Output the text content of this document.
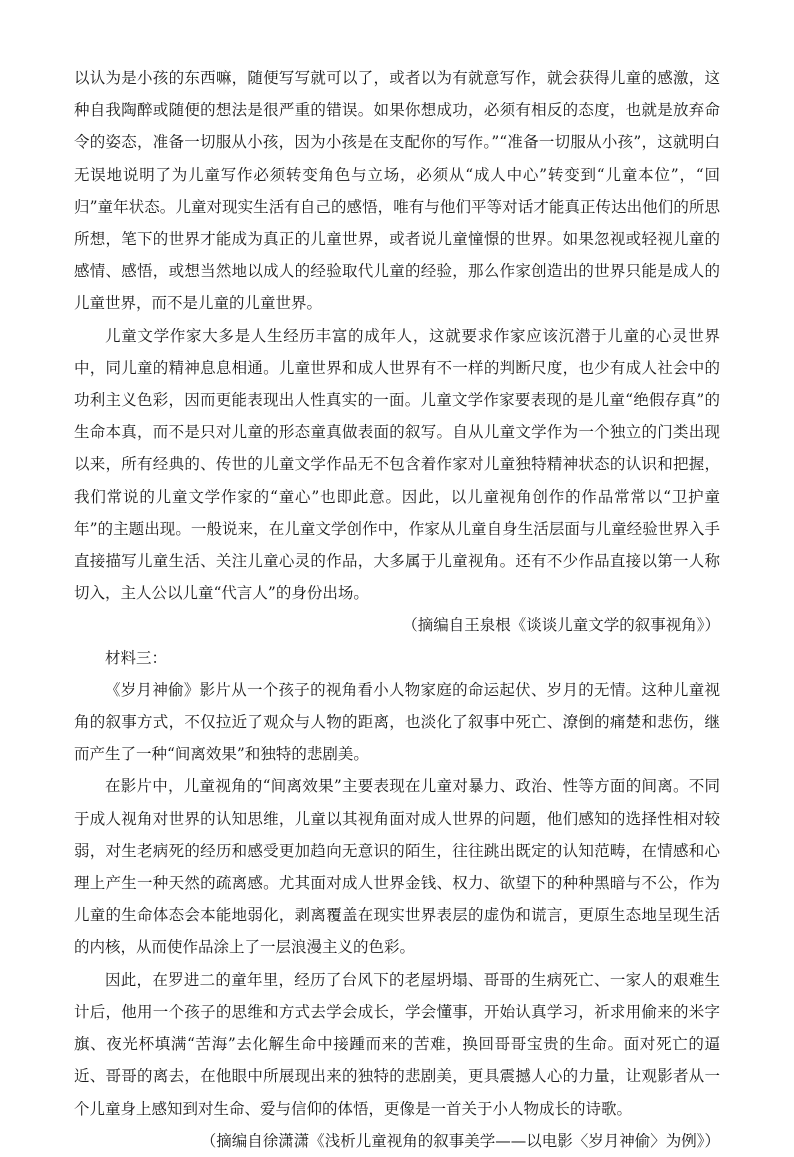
以认为是小孩的东西嘛，随便写写就可以了，或者以为有就意写作，就会获得儿童的感激，这种自我陶醉或随便的想法是很严重的错误。如果你想成功，必须有相反的态度，也就是放弃命令的姿态，准备一切服从小孩，因为小孩是在支配你的写作。”“准备一切服从小孩”，这就明白无误地说明了为儿童写作必须转变角色与立场，必须从“成人中心”转变到“儿童本位”，“回归”童年状态。儿童对现实生活有自己的感悟，唯有与他们平等对话才能真正传达出他们的所思所想，笔下的世界才能成为真正的儿童世界，或者说儿童憧憬的世界。如果忽视或轻视儿童的感情、感悟，或想当然地以成人的经验取代儿童的经验，那么作家创造出的世界只能是成人的儿童世界，而不是儿童的儿童世界。

儿童文学作家大多是人生经历丰富的成年人，这就要求作家应该沉潜于儿童的心灵世界中，同儿童的精神息息相通。儿童世界和成人世界有不一样的判断尺度，也少有成人社会中的功利主义色彩，因而更能表现出人性真实的一面。儿童文学作家要表现的是儿童“绝假存真”的生命本真，而不是只对儿童的形态童真做表面的叙写。自从儿童文学作为一个独立的门类出现以来，所有经典的、传世的儿童文学作品无不包含着作家对儿童独特精神状态的认识和把握，我们常说的儿童文学作家的“童心”也即此意。因此，以儿童视角创作的作品常常以“卫护童年”的主题出现。一般说来，在儿童文学创作中，作家从儿童自身生活层面与儿童经验世界入手直接描写儿童生活、关注儿童心灵的作品，大多属于儿童视角。还有不少作品直接以第一人称切入，主人公以儿童“代言人”的身份出场。

（摘编自王泉根《谈谈儿童文学的叙事视角》）

材料三：

《岁月神偷》影片从一个孩子的视角看小人物家庭的命运起伏、岁月的无情。这种儿童视角的叙事方式，不仅拉近了观众与人物的距离，也淡化了叙事中死亡、潦倒的痛楚和悲伤，继而产生了一种“间离效果”和独特的悲剧美。

在影片中，儿童视角的“间离效果”主要表现在儿童对暴力、政治、性等方面的间离。不同于成人视角对世界的认知思维，儿童以其视角面对成人世界的问题，他们感知的选择性相对较弱，对生老病死的经历和感受更加趋向无意识的陌生，往往跳出既定的认知范畴，在情感和心理上产生一种天然的疏离感。尤其面对成人世界金钱、权力、欲望下的种种黑暗与不公，作为儿童的生命体态会本能地弱化，剥离覆盖在现实世界表层的虚伪和谎言，更原生态地呈现生活的内核，从而使作品涂上了一层浪漫主义的色彩。

因此，在罗进二的童年里，经历了台风下的老屋坍塌、哥哥的生病死亡、一家人的艰难生计后，他用一个孩子的思维和方式去学会成长，学会懂事，开始认真学习，祈求用偷来的米字旗、夜光杯填满“苦海”去化解生命中接踵而来的苦难，换回哥哥宝贵的生命。面对死亡的逼近、哥哥的离去，在他眼中所展现出来的独特的悲剧美，更具震撼人心的力量，让观影者从一个儿童身上感知到对生命、爱与信仰的体悟，更像是一首关于小人物成长的诗歌。

（摘编自徐潇潇《浅析儿童视角的叙事美学——以电影〈岁月神偷〉为例》）
